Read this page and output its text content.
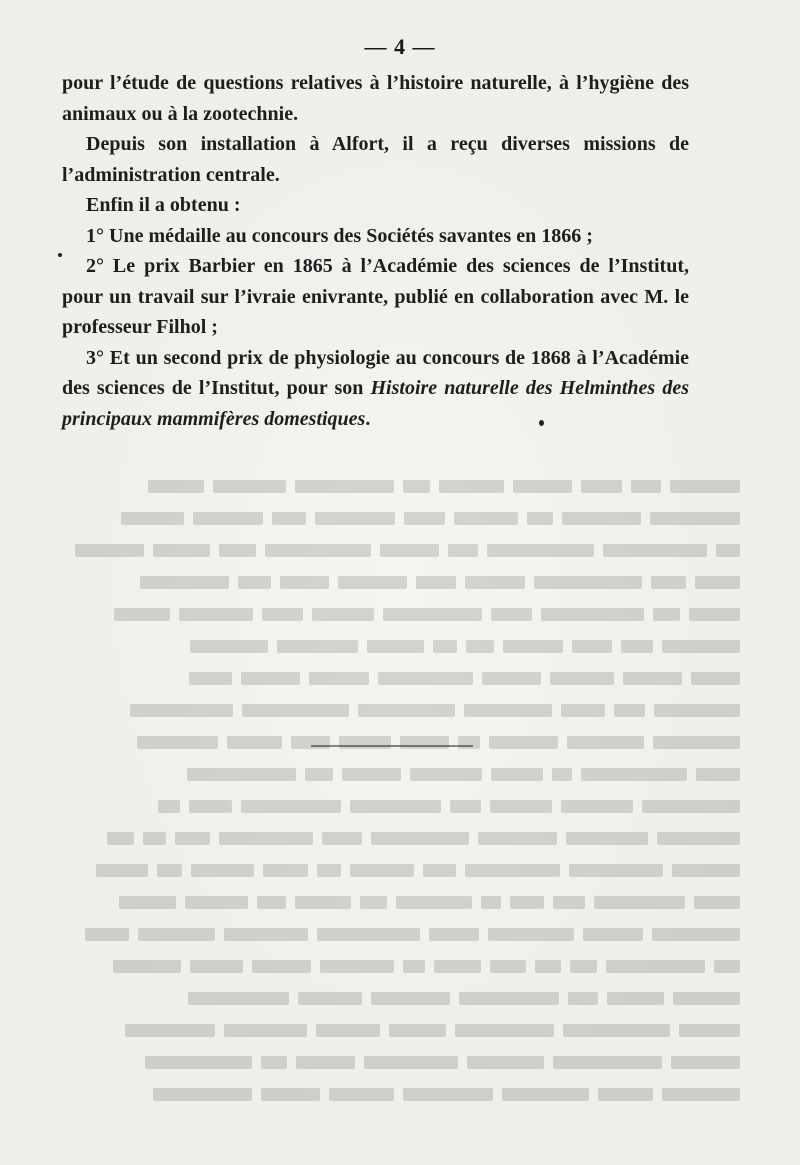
— 4 —

pour l’étude de questions relatives à l’histoire naturelle, à l’hygiène des animaux ou à la zootechnie.

Depuis son installation à Alfort, il a reçu diverses missions de l’administration centrale.

Enfin il a obtenu :

1° Une médaille au concours des Sociétés savantes en 1866 ;

2° Le prix Barbier en 1865 à l’Académie des sciences de l’Institut, pour un travail sur l’ivraie enivrante, publié en collaboration avec M. le professeur Filhol ;

3° Et un second prix de physiologie au concours de 1868 à l’Académie des sciences de l’Institut, pour son Histoire naturelle des Helminthes des principaux mammifères domestiques.
